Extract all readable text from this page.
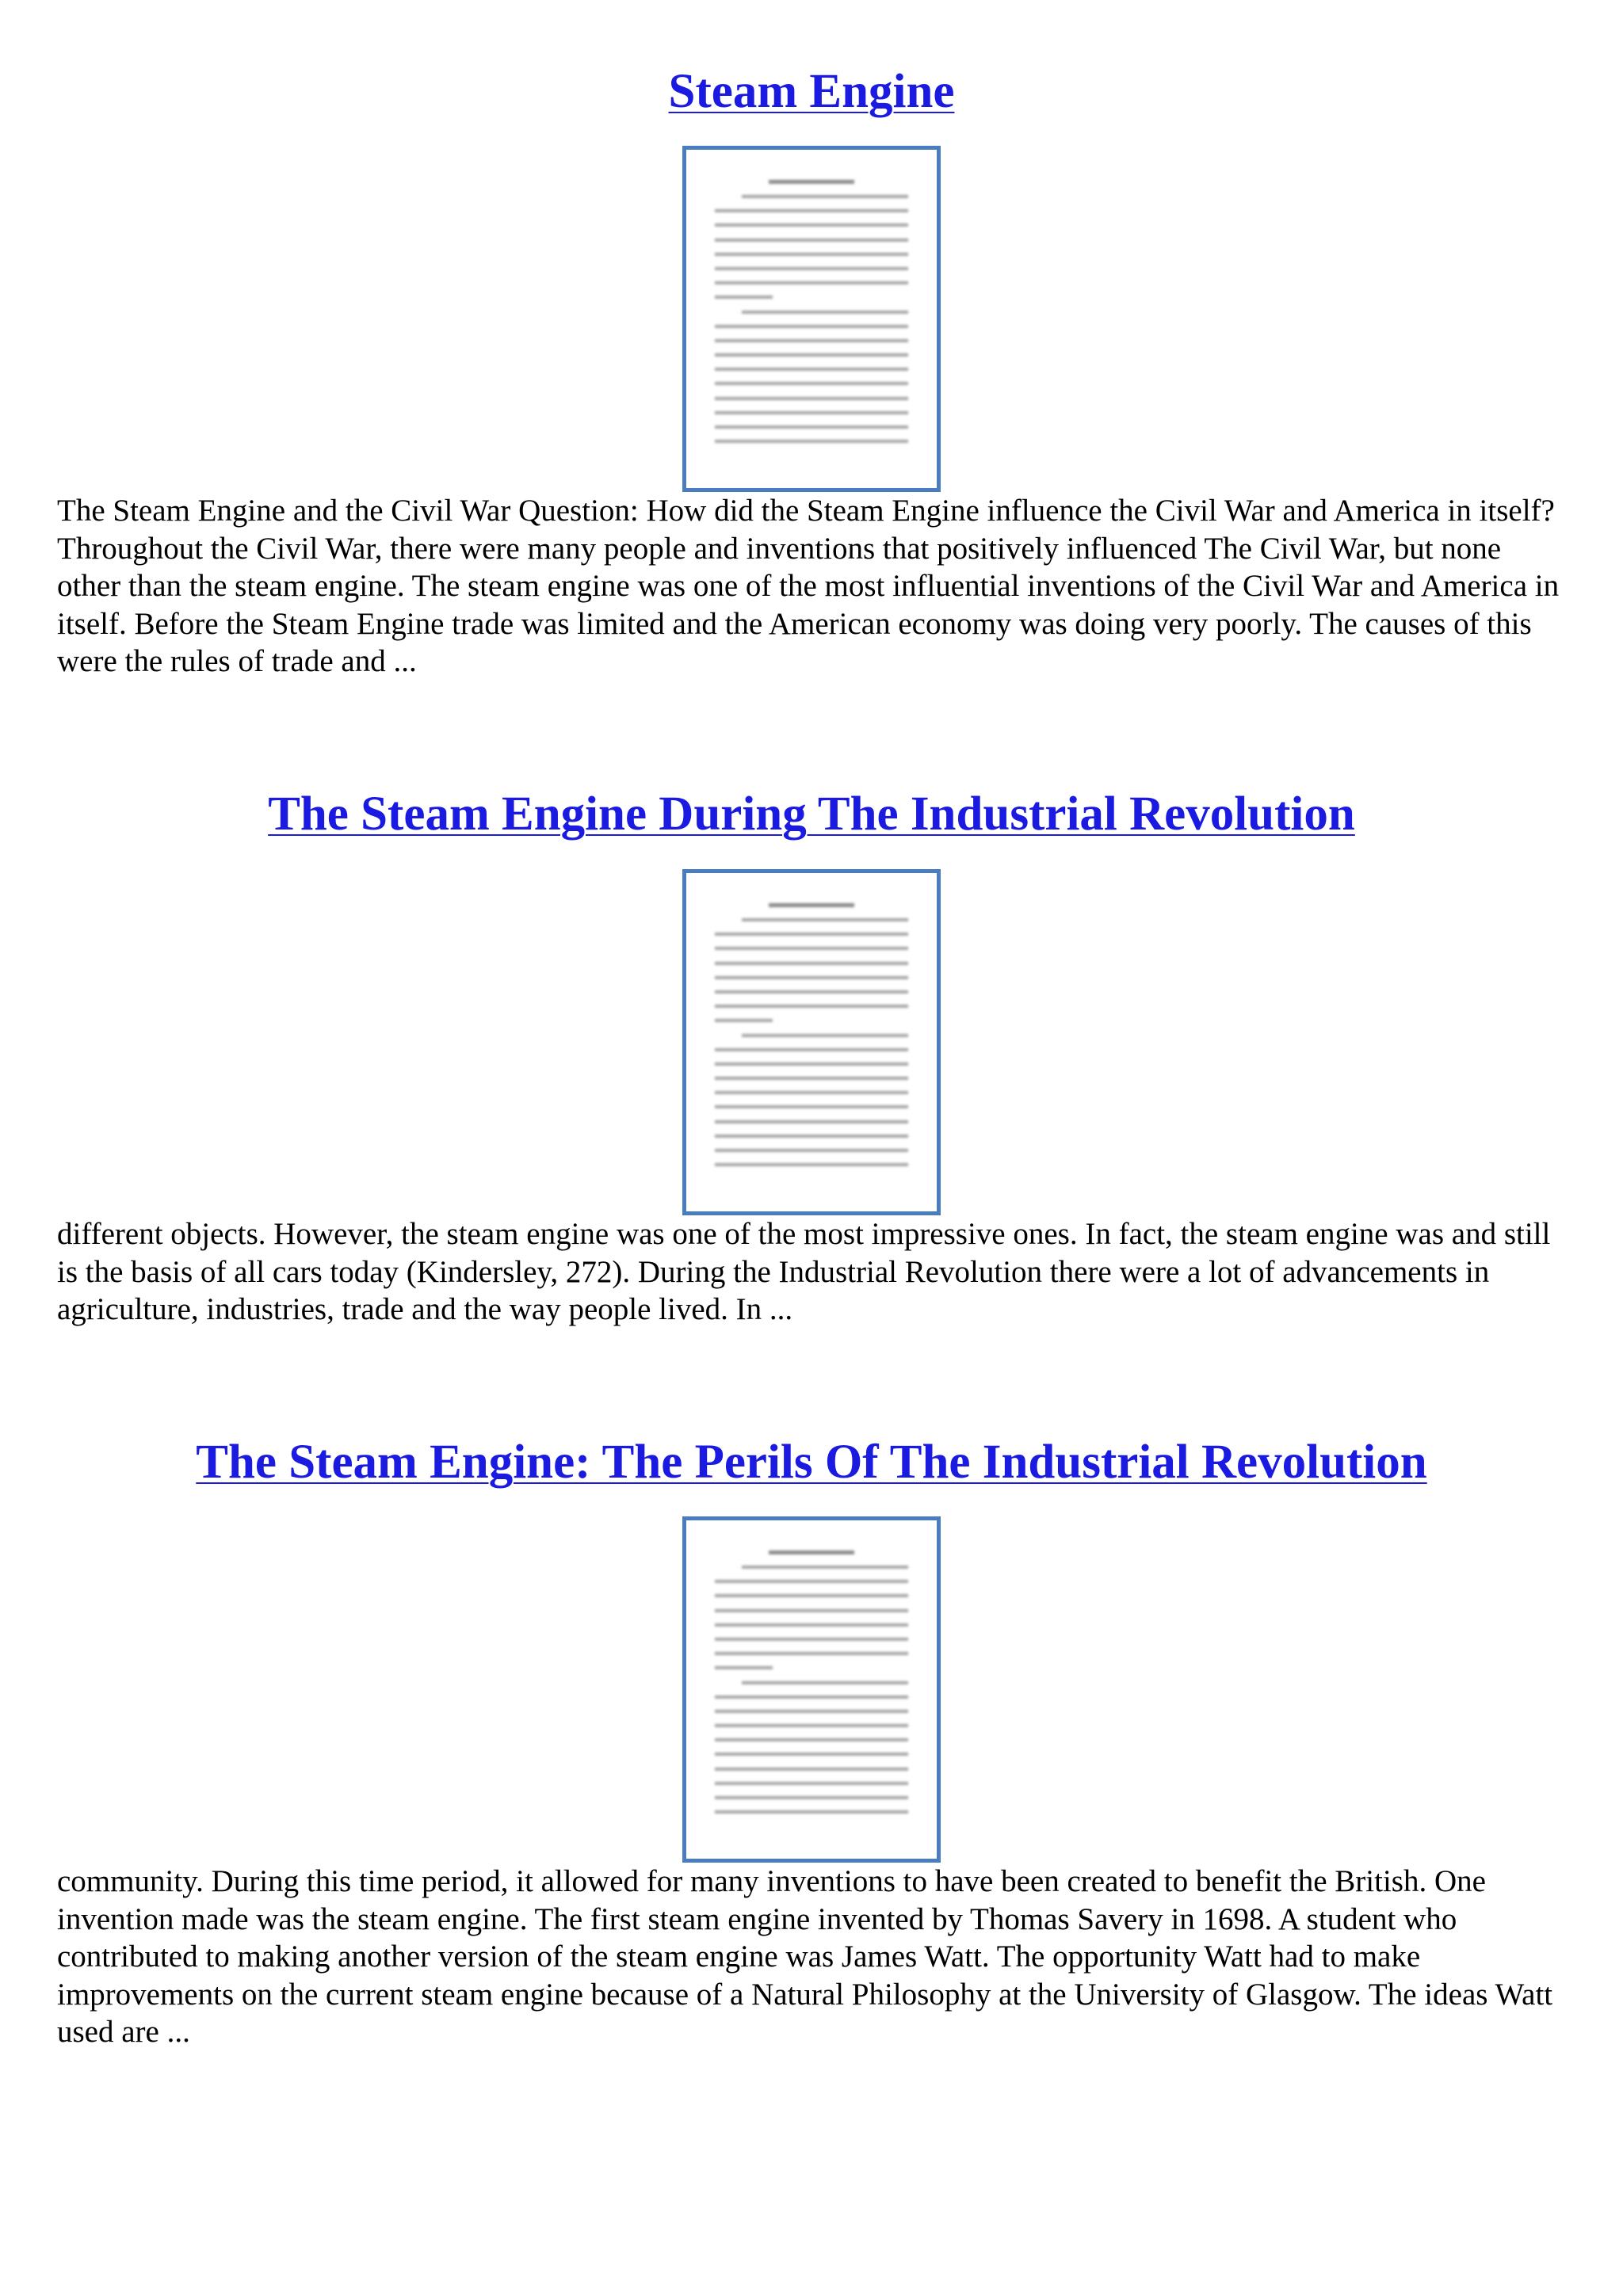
Steam Engine

The Steam Engine and the Civil War Question: How did the Steam Engine influence the Civil War and America in itself? Throughout the Civil War, there were many people and inventions that positively influenced The Civil War, but none other than the steam engine. The steam engine was one of the most influential inventions of the Civil War and America in itself. Before the Steam Engine trade was limited and the American economy was doing very poorly. The causes of this were the rules of trade and ...

The Steam Engine During The Industrial Revolution

different objects. However, the steam engine was one of the most impressive ones. In fact, the steam engine was and still is the basis of all cars today (Kindersley, 272). During the Industrial Revolution there were a lot of advancements in agriculture, industries, trade and the way people lived. In ...

The Steam Engine: The Perils Of The Industrial Revolution

community. During this time period, it allowed for many inventions to have been created to benefit the British. One invention made was the steam engine. The first steam engine invented by Thomas Savery in 1698. A student who contributed to making another version of the steam engine was James Watt. The opportunity Watt had to make improvements on the current steam engine because of a Natural Philosophy at the University of Glasgow. The ideas Watt used are ...
